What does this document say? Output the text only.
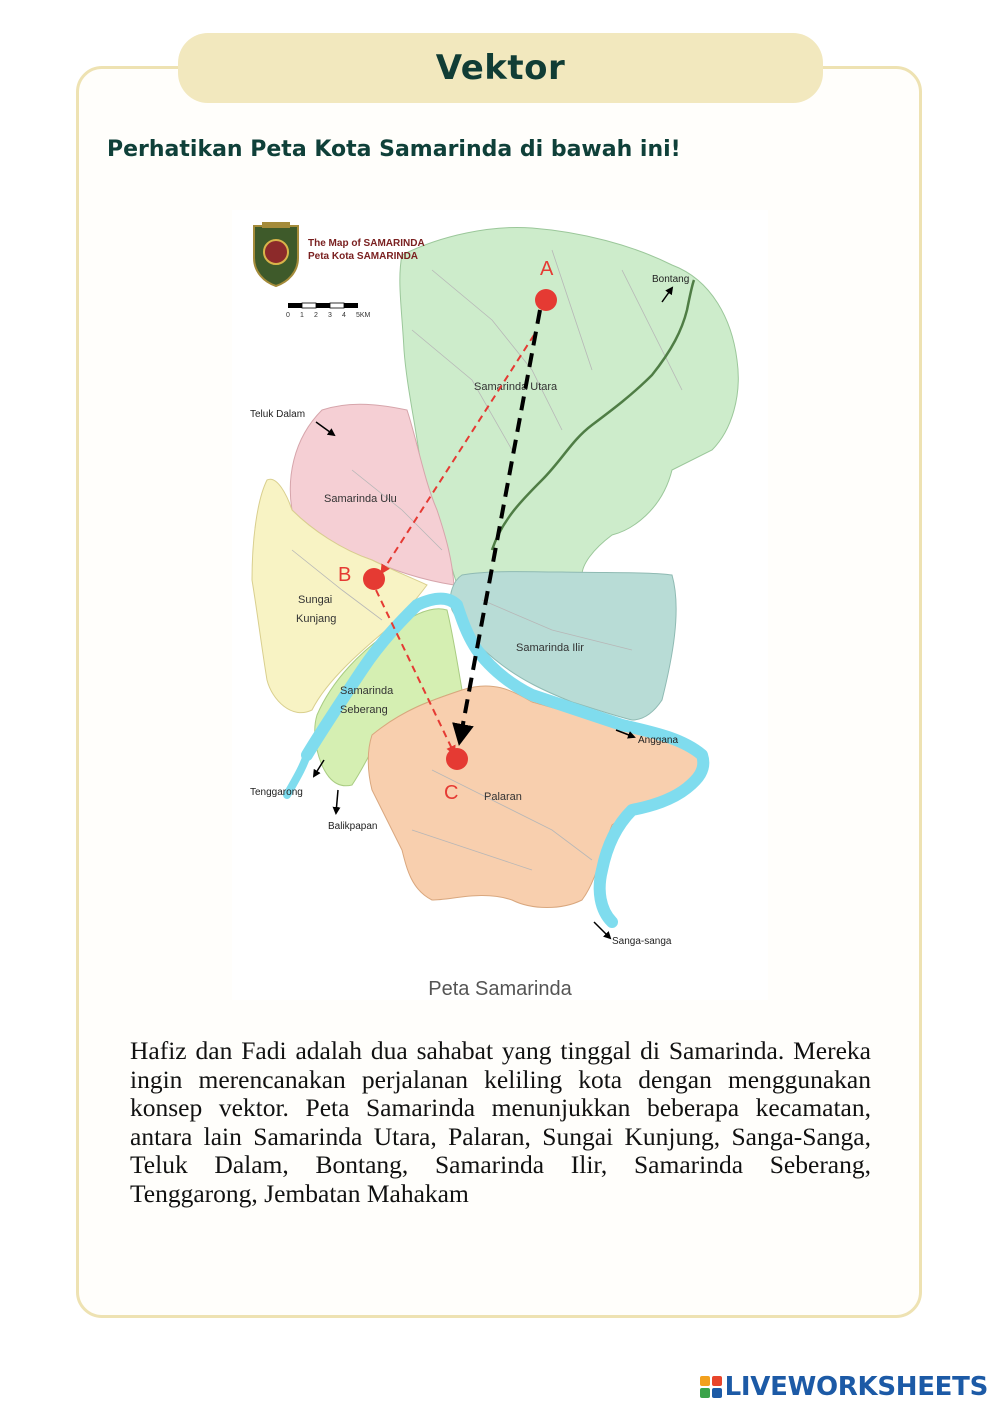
Vektor
Perhatikan Peta Kota Samarinda di bawah ini!
The Map of SAMARINDA
Peta Kota SAMARINDA
0 1 2 3 4 5KM
Samarinda Utara
Samarinda Ulu
Sungai
Kunjang
Samarinda Ilir
Samarinda
Seberang
Palaran
Bontang
Teluk Dalam
Anggana
Tenggarong
Balikpapan
Sanga-sanga
A
B
C
Peta Samarinda
Hafiz dan Fadi adalah dua sahabat yang tinggal di Samarinda. Mereka ingin merencanakan perjalanan keliling kota dengan menggunakan konsep vektor. Peta Samarinda menunjukkan beberapa kecamatan, antara lain Samarinda Utara, Palaran, Sungai Kunjung, Sanga-Sanga, Teluk Dalam, Bontang, Samarinda Ilir, Samarinda Seberang, Tenggarong, Jembatan Mahakam
LIVEWORKSHEETS
